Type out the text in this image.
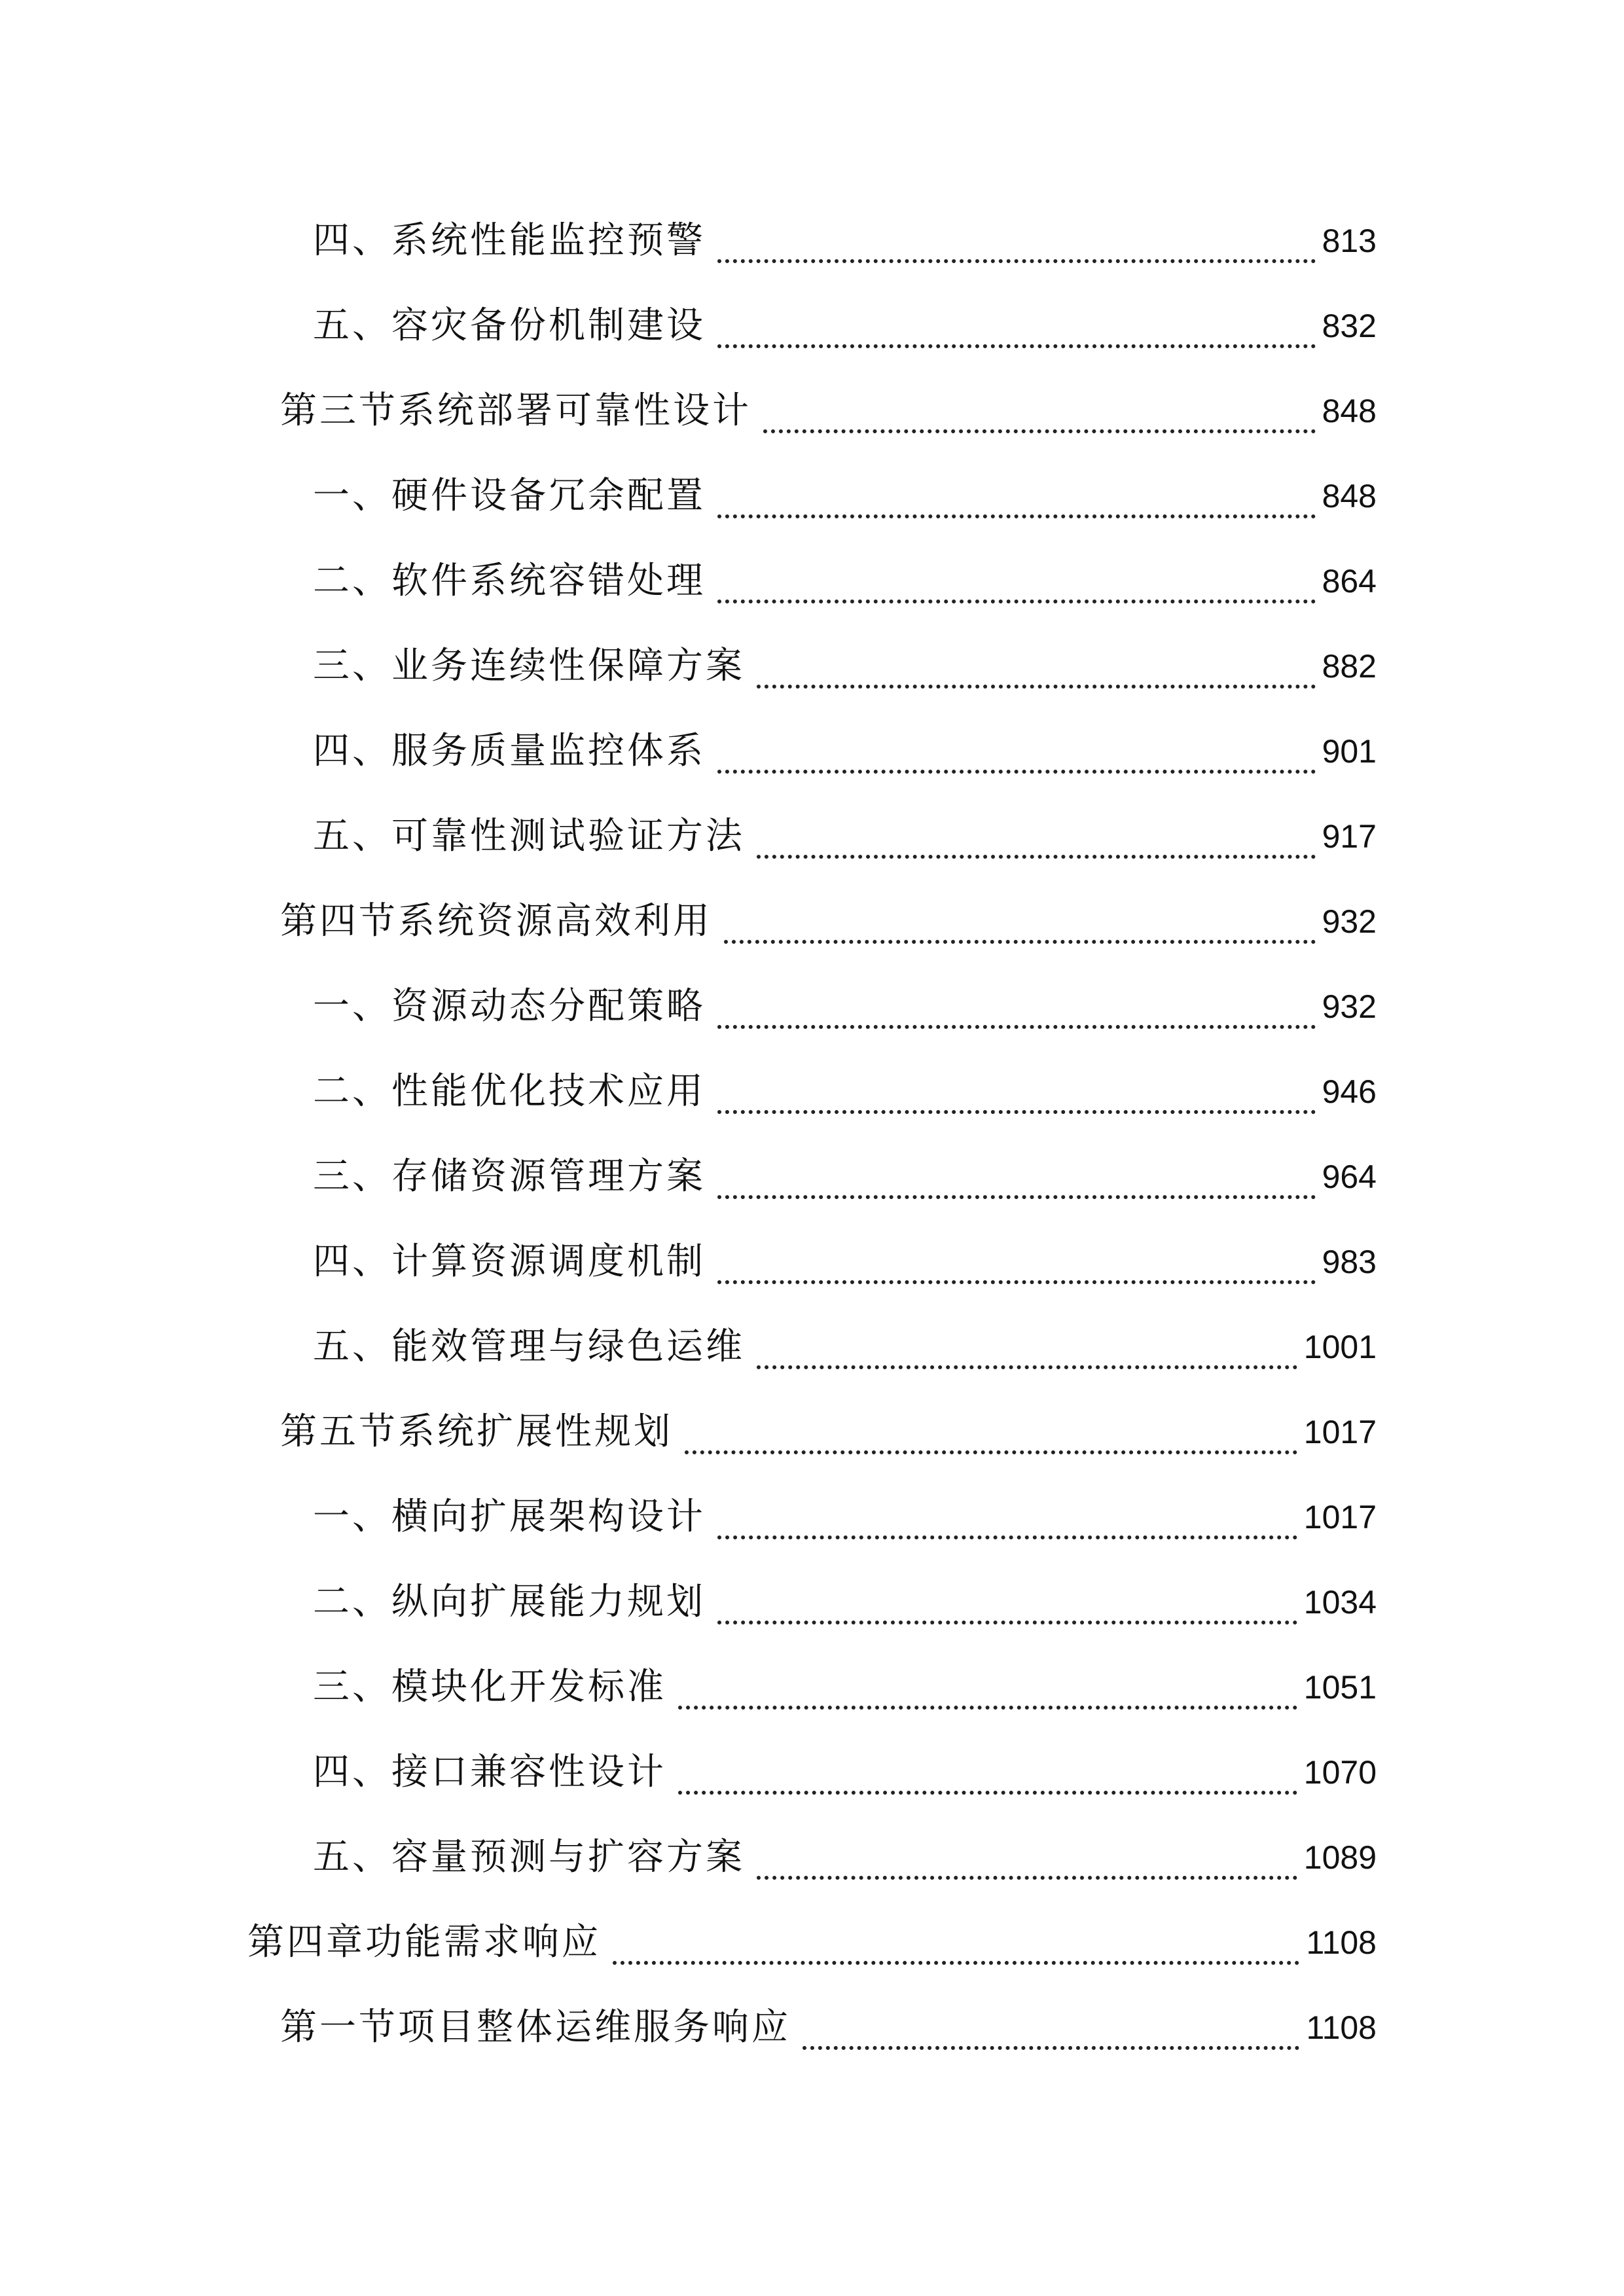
四、系统性能监控预警	813
五、容灾备份机制建设	832
第三节系统部署可靠性设计	848
一、硬件设备冗余配置	848
二、软件系统容错处理	864
三、业务连续性保障方案	882
四、服务质量监控体系	901
五、可靠性测试验证方法	917
第四节系统资源高效利用	932
一、资源动态分配策略	932
二、性能优化技术应用	946
三、存储资源管理方案	964
四、计算资源调度机制	983
五、能效管理与绿色运维	1001
第五节系统扩展性规划	1017
一、横向扩展架构设计	1017
二、纵向扩展能力规划	1034
三、模块化开发标准	1051
四、接口兼容性设计	1070
五、容量预测与扩容方案	1089
第四章功能需求响应	1108
第一节项目整体运维服务响应	1108
